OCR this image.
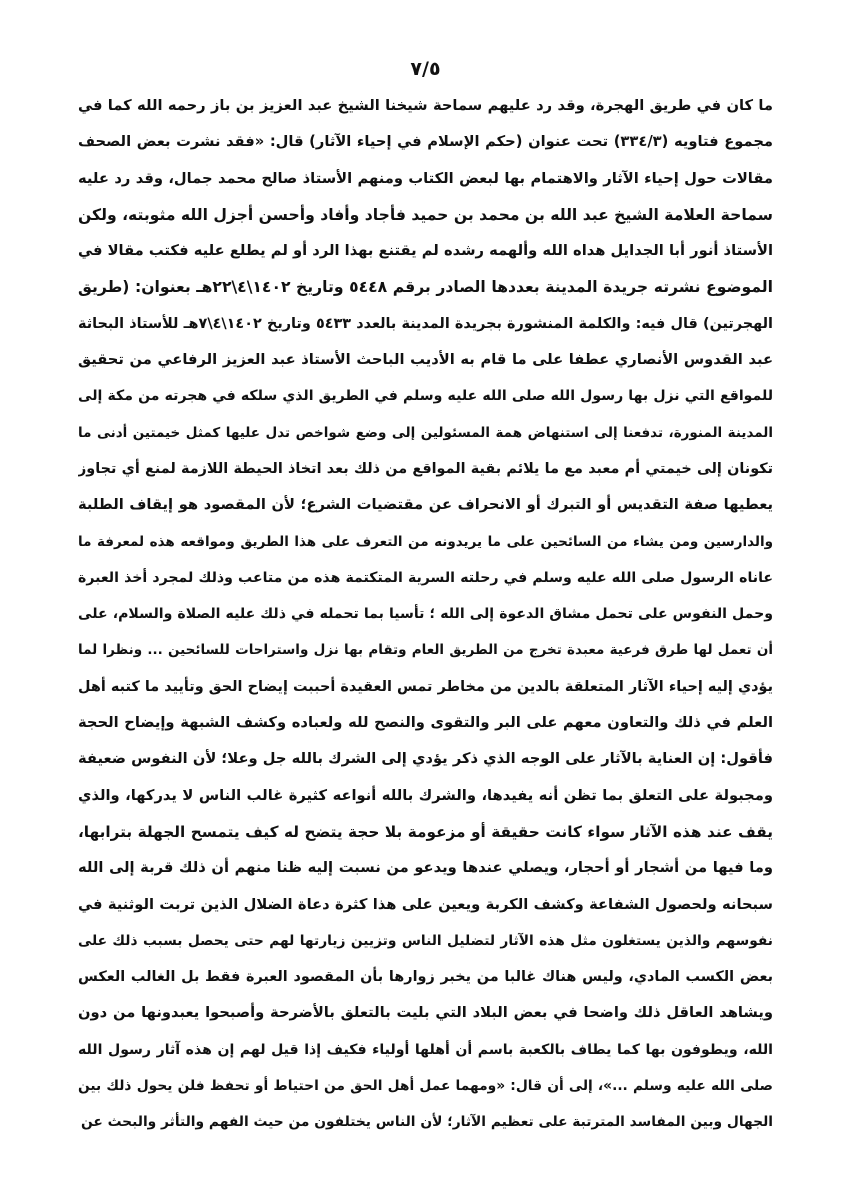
٧/٥
ما كان في طريق الهجرة، وقد رد عليهم سماحة شيخنا الشيخ عبد العزيز بن باز رحمه الله كما في
مجموع فتاويه (٣٣٤/٣) تحت عنوان (حكم الإسلام في إحياء الآثار) قال: «فقد نشرت بعض الصحف
مقالات حول إحياء الآثار والاهتمام بها لبعض الكتاب ومنهم الأستاذ صالح محمد جمال، وقد رد عليه
سماحة العلامة الشيخ عبد الله بن محمد بن حميد فأجاد وأفاد وأحسن أجزل الله مثوبته، ولكن
الأستاذ أنور أبا الجدايل هداه الله وألهمه رشده لم يقتنع بهذا الرد أو لم يطلع عليه فكتب مقالا في
الموضوع نشرته جريدة المدينة بعددها الصادر برقم ٥٤٤٨ وتاريخ ١٤٠٢\٤\٢٢هـ بعنوان: (طريق
الهجرتين) قال فيه: والكلمة المنشورة بجريدة المدينة بالعدد ٥٤٣٣ وتاريخ ١٤٠٢\٤\٧هـ للأستاذ البحاثة
عبد القدوس الأنصاري عطفا على ما قام به الأديب الباحث الأستاذ عبد العزيز الرفاعي من تحقيق
للمواقع التي نزل بها رسول الله صلى الله عليه وسلم في الطريق الذي سلكه في هجرته من مكة إلى
المدينة المنورة، تدفعنا إلى استنهاض همة المسئولين إلى وضع شواخص تدل عليها كمثل خيمتين أدنى ما
تكونان إلى خيمتي أم معبد مع ما يلائم بقية المواقع من ذلك بعد اتخاذ الحيطة اللازمة لمنع أي تجاوز
يعطيها صفة التقديس أو التبرك أو الانحراف عن مقتضيات الشرع؛ لأن المقصود هو إيقاف الطلبة
والدارسين ومن يشاء من السائحين على ما يريدونه من التعرف على هذا الطريق ومواقعه هذه لمعرفة ما
عاناه الرسول صلى الله عليه وسلم في رحلته السرية المتكتمة هذه من متاعب وذلك لمجرد أخذ العبرة
وحمل النفوس على تحمل مشاق الدعوة إلى الله ؛ تأسيا بما تحمله في ذلك عليه الصلاة والسلام، على
أن تعمل لها طرق فرعية معبدة تخرج من الطريق العام وتقام بها نزل واستراحات للسائحين ... ونظرا لما
يؤدي إليه إحياء الآثار المتعلقة بالدين من مخاطر تمس العقيدة أحببت إيضاح الحق وتأييد ما كتبه أهل
العلم في ذلك والتعاون معهم على البر والتقوى والنصح لله ولعباده وكشف الشبهة وإيضاح الحجة
فأقول: إن العناية بالآثار على الوجه الذي ذكر يؤدي إلى الشرك بالله جل وعلا؛ لأن النفوس ضعيفة
ومجبولة على التعلق بما تظن أنه يفيدها، والشرك بالله أنواعه كثيرة غالب الناس لا يدركها، والذي
يقف عند هذه الآثار سواء كانت حقيقة أو مزعومة بلا حجة يتضح له كيف يتمسح الجهلة بترابها،
وما فيها من أشجار أو أحجار، ويصلي عندها ويدعو من نسبت إليه ظنا منهم أن ذلك قربة إلى الله
سبحانه ولحصول الشفاعة وكشف الكربة ويعين على هذا كثرة دعاة الضلال الذين تربت الوثنية في
نفوسهم والذين يستغلون مثل هذه الآثار لتضليل الناس وتزيين زيارتها لهم حتى يحصل بسبب ذلك على
بعض الكسب المادي، وليس هناك غالبا من يخبر زوارها بأن المقصود العبرة فقط بل الغالب العكس
ويشاهد العاقل ذلك واضحا في بعض البلاد التي بليت بالتعلق بالأضرحة وأصبحوا يعبدونها من دون
الله، ويطوفون بها كما يطاف بالكعبة باسم أن أهلها أولياء فكيف إذا قيل لهم إن هذه آثار رسول الله
صلى الله عليه وسلم ...»، إلى أن قال: «ومهما عمل أهل الحق من احتياط أو تحفظ فلن يحول ذلك بين
الجهال وبين المفاسد المترتبة على تعظيم الآثار؛ لأن الناس يختلفون من حيث الفهم والتأثر والبحث عن
